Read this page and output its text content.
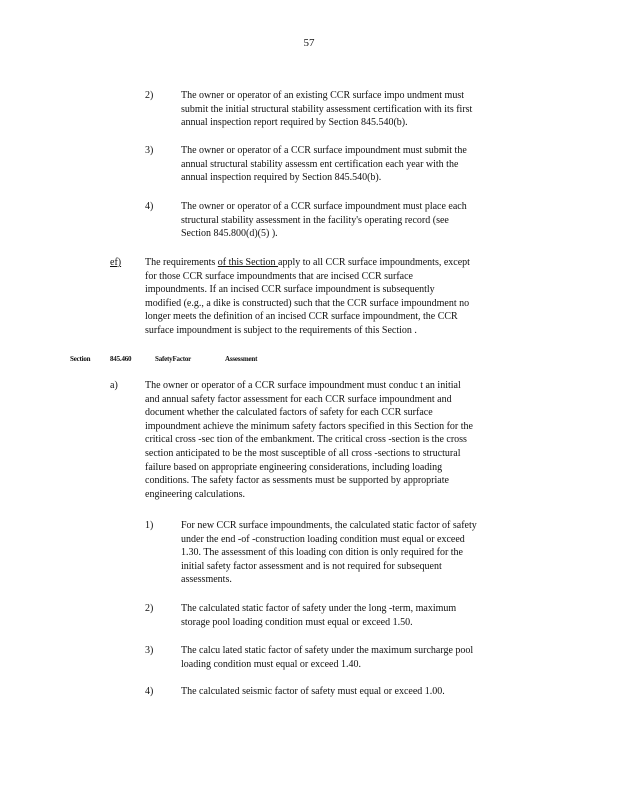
57
2)	The owner or operator of an existing CCR surface impo undment must
submit the initial structural stability assessment certification with its first
annual inspection report required by Section 845.540(b).
3)	The owner or operator of a CCR surface impoundment must submit the
annual structural stability assessm ent certification each year with the
annual inspection required by Section 845.540(b).
4)	The owner or operator of a CCR surface impoundment must place each
structural stability assessment in the facility's operating record (see
Section 845.800(d)(5) ).
ef) The requirements of this Section apply to all CCR surface impoundments, except
for those CCR surface impoundments that are incised CCR surface
impoundments. If an incised CCR surface impoundment is subsequently
modified (e.g., a dike is constructed) such that the CCR surface impoundment no
longer meets the definition of an incised CCR surface impoundment, the CCR
surface impoundment is subject to the requirements of this Section .
Section	845.460	SafetyFactor	Assessment
a)	The owner or operator of a CCR surface impoundment must conduc t an initial
and annual safety factor assessment for each CCR surface impoundment and
document whether the calculated factors of safety for each CCR surface
impoundment achieve the minimum safety factors specified in this Section for the
critical cross -sec tion of the embankment. The critical cross -section is the cross
section anticipated to be the most susceptible of all cross -sections to structural
failure based on appropriate engineering considerations, including loading
conditions. The safety factor as sessments must be supported by appropriate
engineering calculations.
1)	For new CCR surface impoundments, the calculated static factor of safety
under the end -of -construction loading condition must equal or exceed
1.30. The assessment of this loading con dition is only required for the
initial safety factor assessment and is not required for subsequent
assessments.
2)	The calculated static factor of safety under the long -term, maximum
storage pool loading condition must equal or exceed 1.50.
3)	The calcu lated static factor of safety under the maximum surcharge pool
loading condition must equal or exceed 1.40.
4)	The calculated seismic factor of safety must equal or exceed 1.00.
